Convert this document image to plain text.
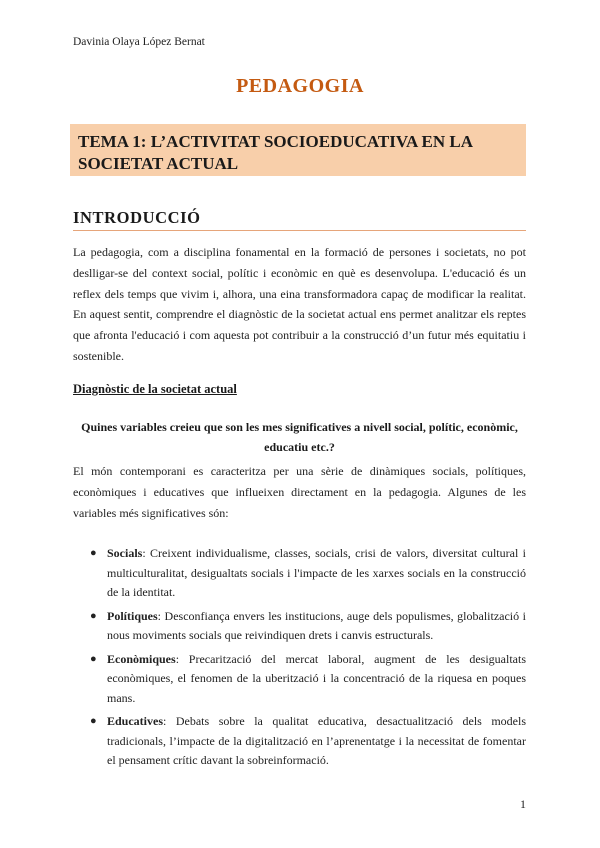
Davinia Olaya López Bernat
PEDAGOGIA
TEMA 1: L’ACTIVITAT SOCIOEDUCATIVA EN LA SOCIETAT ACTUAL
INTRODUCCIÓ
La pedagogia, com a disciplina fonamental en la formació de persones i societats, no pot deslligar-se del context social, polític i econòmic en què es desenvolupa. L'educació és un reflex dels temps que vivim i, alhora, una eina transformadora capaç de modificar la realitat. En aquest sentit, comprendre el diagnòstic de la societat actual ens permet analitzar els reptes que afronta l'educació i com aquesta pot contribuir a la construcció d’un futur més equitatiu i sostenible.
Diagnòstic de la societat actual
Quines variables creieu que son les mes significatives a nivell social, polític, econòmic, educatiu etc.?
El món contemporani es caracteritza per una sèrie de dinàmiques socials, polítiques, econòmiques i educatives que influeixen directament en la pedagogia. Algunes de les variables més significatives són:
● Socials: Creixent individualisme, classes, socials, crisi de valors, diversitat cultural i multiculturalitat, desigualtats socials i l'impacte de les xarxes socials en la construcció de la identitat.
● Polítiques: Desconfiança envers les institucions, auge dels populismes, globalització i nous moviments socials que reivindiquen drets i canvis estructurals.
● Econòmiques: Precarització del mercat laboral, augment de les desigualtats econòmiques, el fenomen de la uberització i la concentració de la riquesa en poques mans.
● Educatives: Debats sobre la qualitat educativa, desactualització dels models tradicionals, l’impacte de la digitalització en l’aprenentatge i la necessitat de fomentar el pensament crític davant la sobreinformació.
1
